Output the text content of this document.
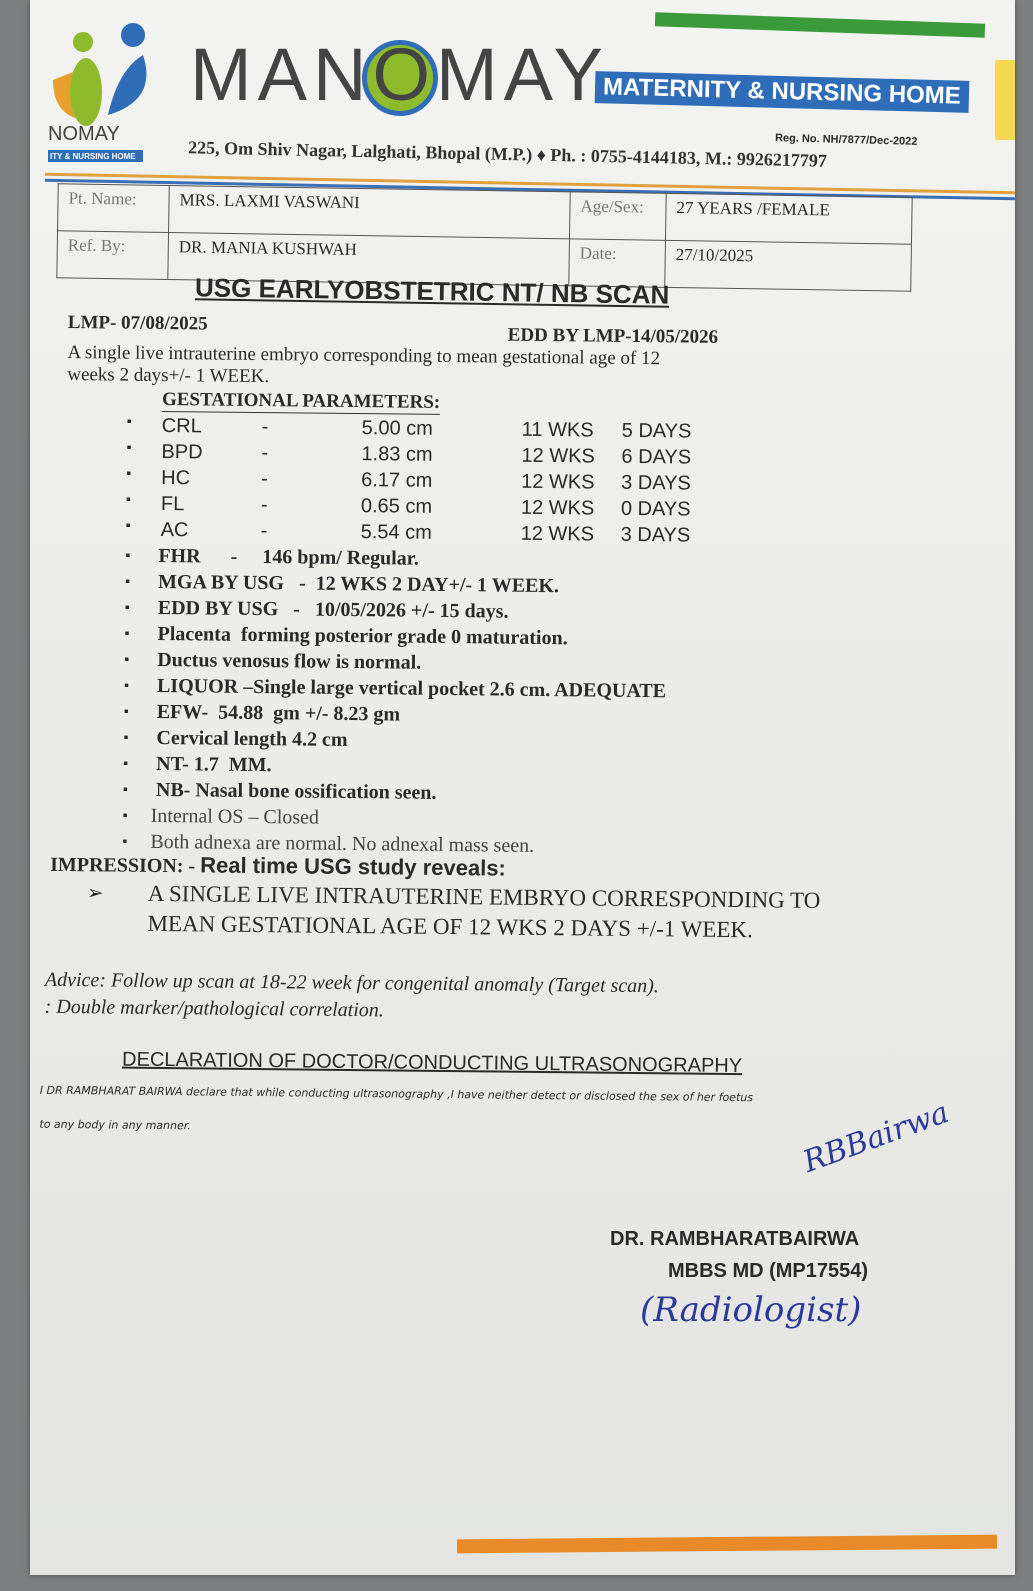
NOMAY
ITY & NURSING HOME
MANOMAY
MATERNITY & NURSING HOME
Reg. No. NH/7877/Dec-2022
225, Om Shiv Nagar, Lalghati, Bhopal (M.P.) ♦ Ph. : 0755-4144183, M.: 9926217797
Pt. Name:	MRS. LAXMI VASWANI	Age/Sex:	27 YEARS /FEMALE
Ref. By:	DR. MANIA KUSHWAH	Date:	27/10/2025
USG EARLYOBSTETRIC NT/ NB SCAN
LMP- 07/08/2025
EDD BY LMP-14/05/2026
A single live intrauterine embryo corresponding to mean gestational age of 12
weeks 2 days+/- 1 WEEK.
GESTATIONAL PARAMETERS:
▪ CRL	-	5.00 cm	11 WKS 5 DAYS
▪ BPD	-	1.83 cm	12 WKS 6 DAYS
▪ HC	-	6.17 cm	12 WKS 3 DAYS
▪ FL	-	0.65 cm	12 WKS 0 DAYS
▪ AC	-	5.54 cm	12 WKS 3 DAYS
▪ FHR      -     146 bpm/ Regular.
▪ MGA BY USG   -  12 WKS 2 DAY+/- 1 WEEK.
▪ EDD BY USG   -   10/05/2026 +/- 15 days.
▪ Placenta  forming posterior grade 0 maturation.
▪ Ductus venosus flow is normal.
▪ LIQUOR –Single large vertical pocket 2.6 cm. ADEQUATE
▪ EFW-  54.88  gm +/- 8.23 gm
▪ Cervical length 4.2 cm
▪ NT- 1.7  MM.
▪ NB- Nasal bone ossification seen.
▪ Internal OS – Closed
▪ Both adnexa are normal. No adnexal mass seen.
IMPRESSION: - Real time USG study reveals:
➢ A SINGLE LIVE INTRAUTERINE EMBRYO CORRESPONDING TO
MEAN GESTATIONAL AGE OF 12 WKS 2 DAYS +/-1 WEEK.
Advice: Follow up scan at 18-22 week for congenital anomaly (Target scan).
: Double marker/pathological correlation.
DECLARATION OF DOCTOR/CONDUCTING ULTRASONOGRAPHY
I DR RAMBHARAT BAIRWA declare that while conducting ultrasonography ,I have neither detect or disclosed the sex of her foetus
to any body in any manner.	RBBairwa
DR. RAMBHARATBAIRWA
MBBS MD (MP17554)
(Radiologist)
